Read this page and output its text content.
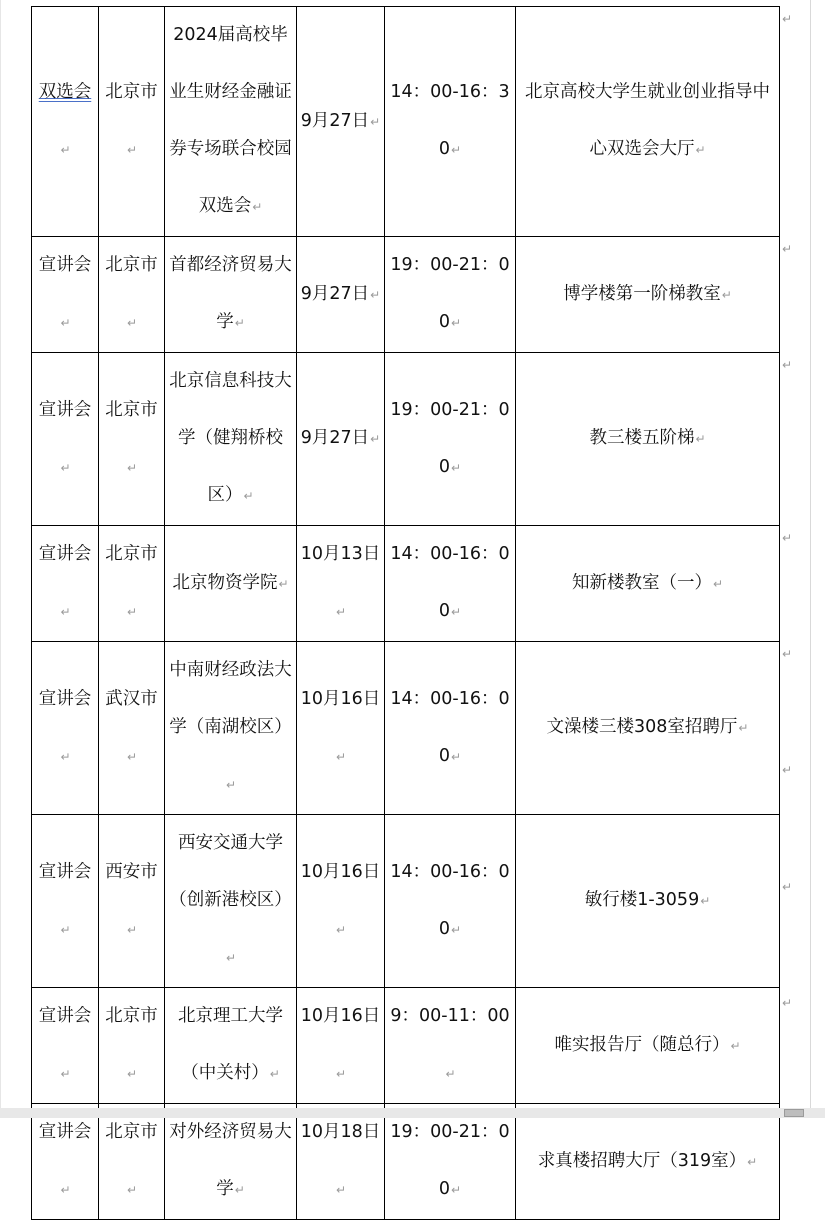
双选会↵	北京市↵	2024届高校毕业生财经金融证券专场联合校园双选会↵	9月27日↵	14：00-16：30↵	北京高校大学生就业创业指导中心双选会大厅↵
宣讲会↵	北京市↵	首都经济贸易大学↵	9月27日↵	19：00-21：00↵	博学楼第一阶梯教室↵
宣讲会↵	北京市↵	北京信息科技大学（健翔桥校区）↵	9月27日↵	19：00-21：00↵	教三楼五阶梯↵
宣讲会↵	北京市↵	北京物资学院↵	10月13日↵	14：00-16：00↵	知新楼教室（一）↵
宣讲会↵	武汉市↵	中南财经政法大学（南湖校区）↵	10月16日↵	14：00-16：00↵	文澡楼三楼308室招聘厅↵
宣讲会↵	西安市↵	西安交通大学（创新港校区）↵	10月16日↵	14：00-16：00↵	敏行楼1-3059↵
宣讲会↵	北京市↵	北京理工大学（中关村）↵	10月16日↵	9：00-11：00↵	唯实报告厅（随总行）↵
宣讲会↵	北京市↵	对外经济贸易大学↵	10月18日↵	19：00-21：00↵	求真楼招聘大厅（319室）↵
↵
↵
↵
↵
↵
↵
↵
↵
